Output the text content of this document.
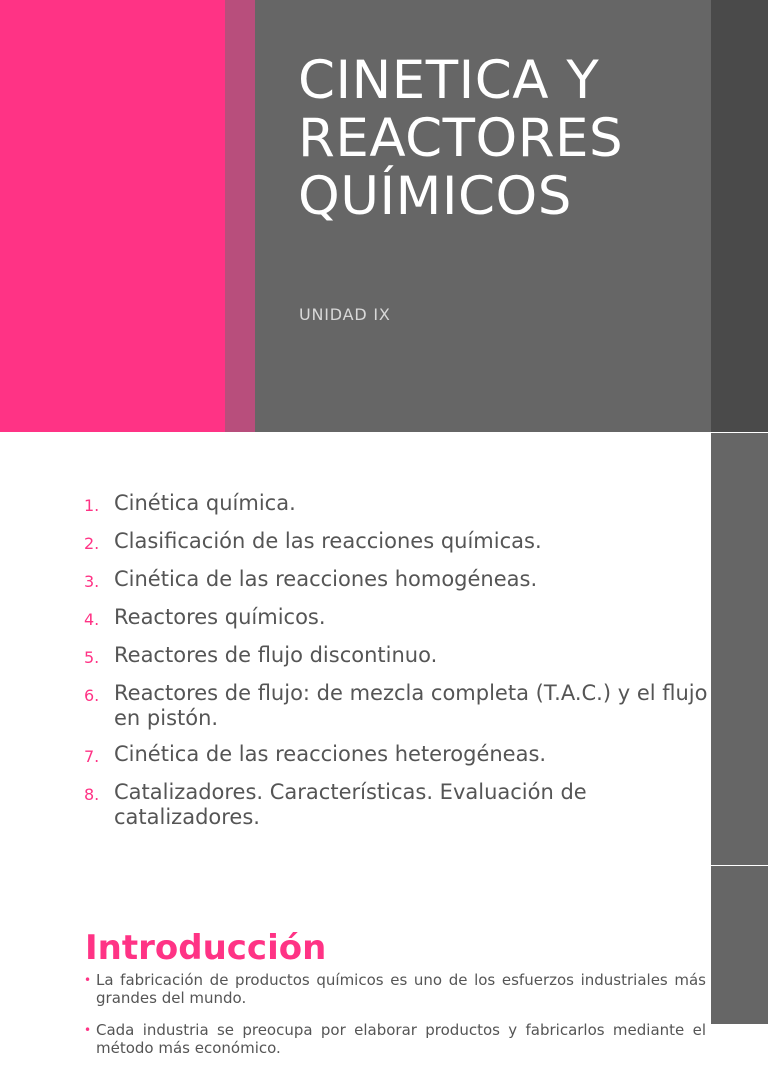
CINETICA Y
REACTORES
QUÍMICOS
UNIDAD IX
1. Cinética química.
2. Clasificación de las reacciones químicas.
3. Cinética de las reacciones homogéneas.
4. Reactores químicos.
5. Reactores de flujo discontinuo.
6. Reactores de flujo: de mezcla completa (T.A.C.) y el flujo en pistón.
7. Cinética de las reacciones heterogéneas.
8. Catalizadores. Características. Evaluación de catalizadores.
Introducción
• La fabricación de productos químicos es uno de los esfuerzos industriales más grandes del mundo.
• Cada industria se preocupa por elaborar productos y fabricarlos mediante el método más económico.
